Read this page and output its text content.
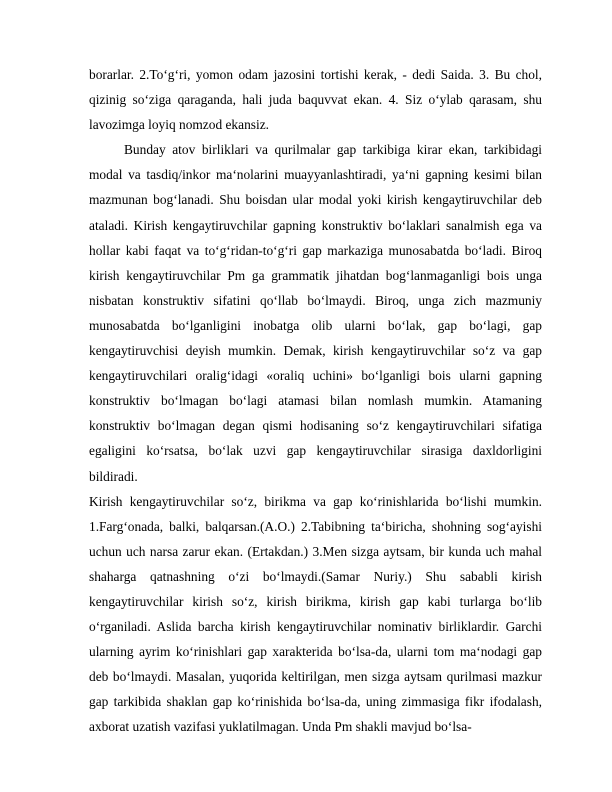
borarlar. 2.To‘g‘ri, yomon odam jazosini tortishi kerak, - dedi Saida. 3. Bu chol, qizinig so‘ziga qaraganda, hali juda baquvvat ekan. 4. Siz o‘ylab qarasam, shu lavozimga loyiq nomzod ekansiz.

Bunday atov birliklari va qurilmalar gap tarkibiga kirar ekan, tarkibidagi modal va tasdiq/inkor ma‘nolarini muayyanlashtiradi, ya‘ni gapning kesimi bilan mazmunan bog‘lanadi. Shu boisdan ular modal yoki kirish kengaytiruvchilar deb ataladi. Kirish kengaytiruvchilar gapning konstruktiv bo‘laklari sanalmish ega va hollar kabi faqat va to‘g‘ridan-to‘g‘ri gap markaziga munosabatda bo‘ladi. Biroq kirish kengaytiruvchilar Pm ga grammatik jihatdan bog‘lanmaganligi bois unga nisbatan konstruktiv sifatini qo‘llab bo‘lmaydi. Biroq, unga zich mazmuniy munosabatda bo‘lganligini inobatga olib ularni bo‘lak, gap bo‘lagi, gap kengaytiruvchisi deyish mumkin. Demak, kirish kengaytiruvchilar so‘z va gap kengaytiruvchilari oralig‘idagi «oraliq uchini» bo‘lganligi bois ularni gapning konstruktiv bo‘lmagan bo‘lagi atamasi bilan nomlash mumkin. Atamaning konstruktiv bo‘lmagan degan qismi hodisaning so‘z kengaytiruvchilari sifatiga egaligini ko‘rsatsa, bo‘lak uzvi gap kengaytiruvchilar sirasiga daxldorligini bildiradi.

Kirish kengaytiruvchilar so‘z, birikma va gap ko‘rinishlarida bo‘lishi mumkin. 1.Farg‘onada, balki, balqarsan.(A.O.) 2.Tabibning ta‘biricha, shohning sog‘ayishi uchun uch narsa zarur ekan. (Ertakdan.) 3.Men sizga aytsam, bir kunda uch mahal shaharga qatnashning o‘zi bo‘lmaydi.(Samar Nuriy.) Shu sababli kirish kengaytiruvchilar kirish so‘z, kirish birikma, kirish gap kabi turlarga bo‘lib o‘rganiladi. Aslida barcha kirish kengaytiruvchilar nominativ birliklardir. Garchi ularning ayrim ko‘rinishlari gap xarakterida bo‘lsa-da, ularni tom ma‘nodagi gap deb bo‘lmaydi. Masalan, yuqorida keltirilgan, men sizga aytsam qurilmasi mazkur gap tarkibida shaklan gap ko‘rinishida bo‘lsa-da, uning zimmasiga fikr ifodalash, axborat uzatish vazifasi yuklatilmagan. Unda Pm shakli mavjud bo‘lsa-
